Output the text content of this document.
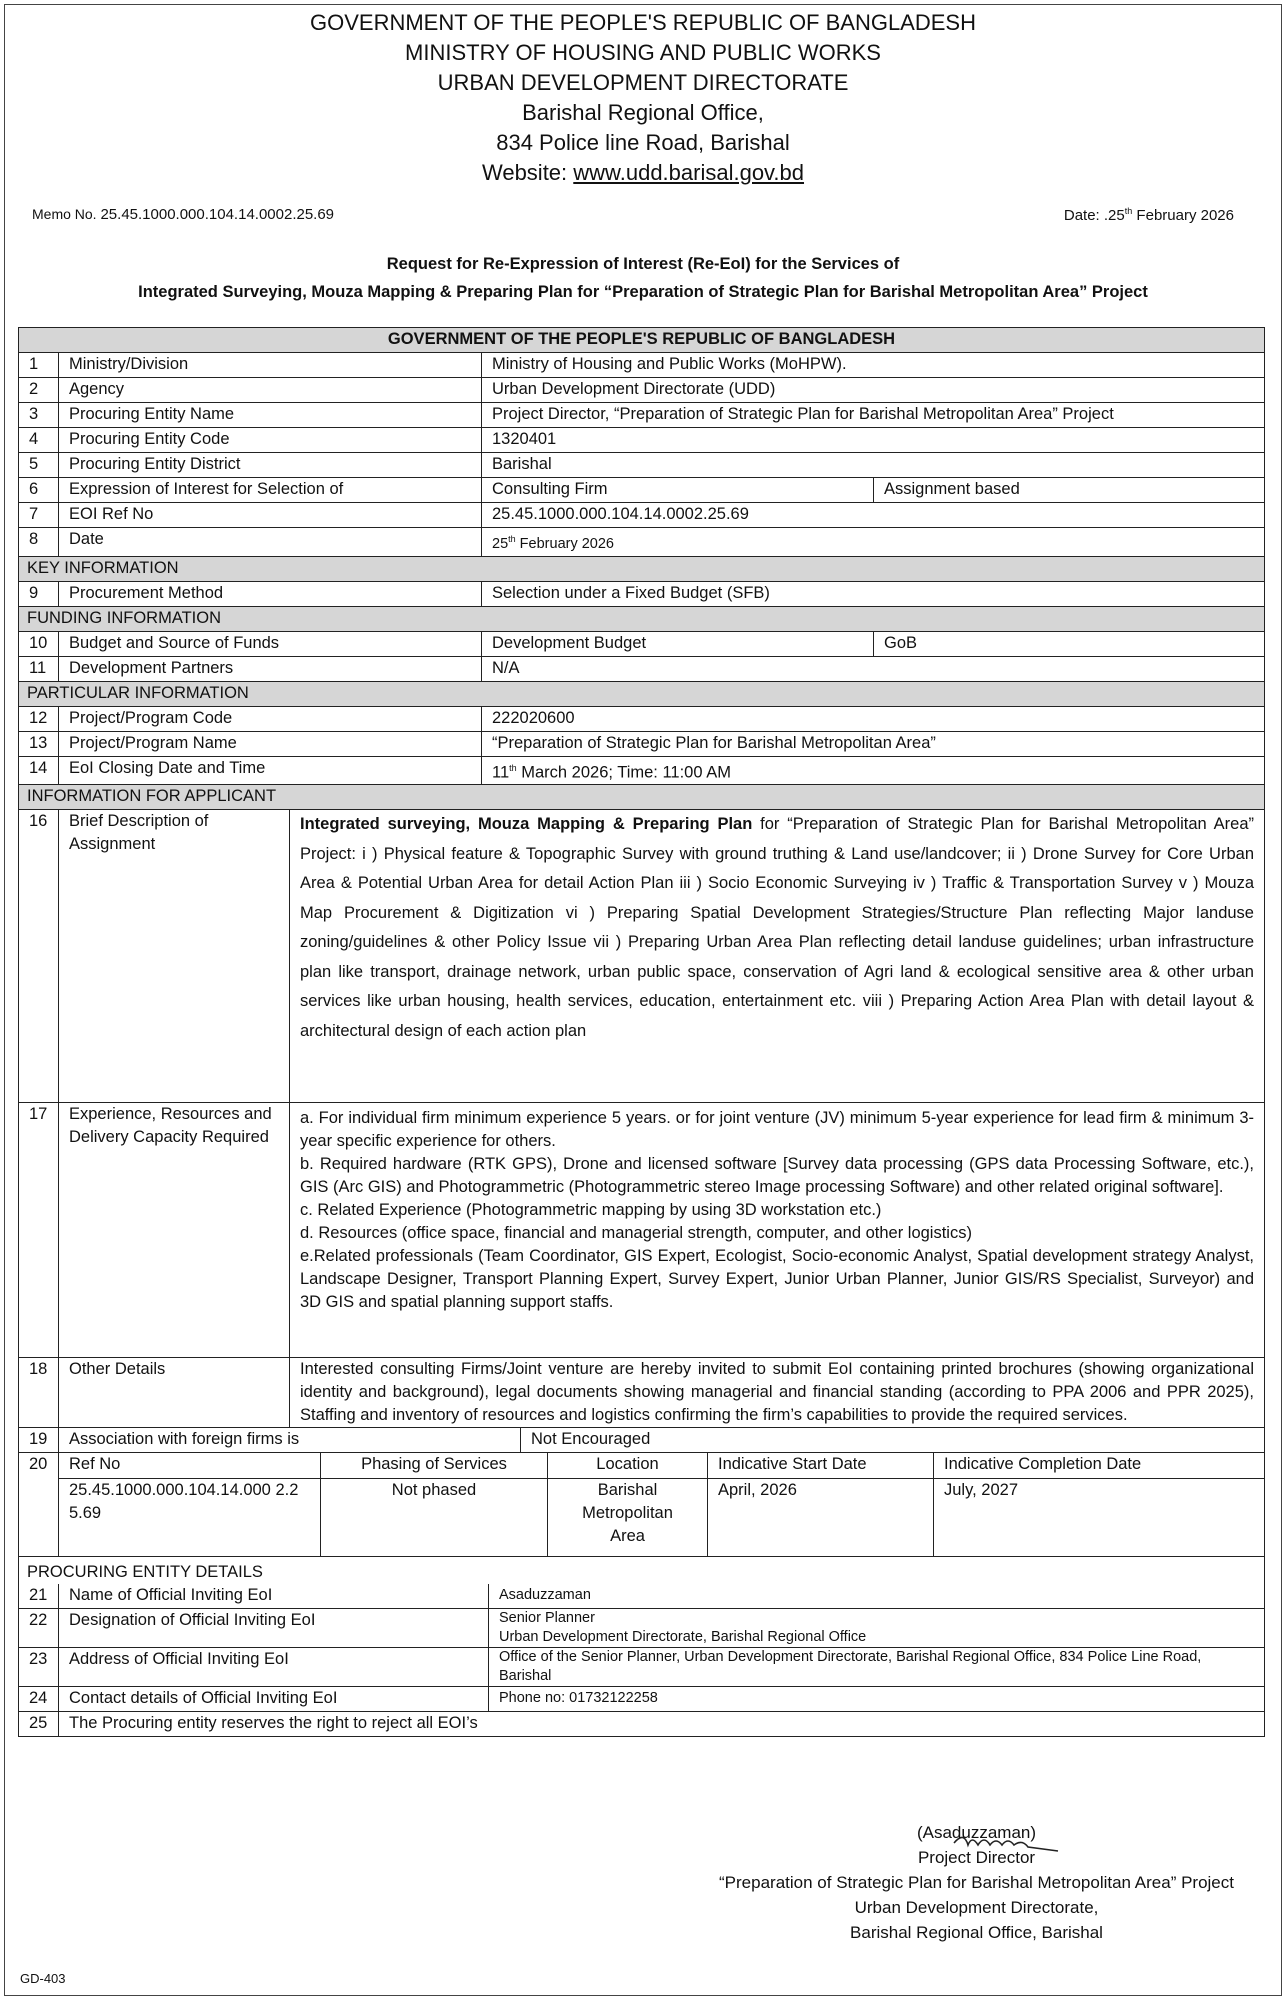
GOVERNMENT OF THE PEOPLE'S REPUBLIC OF BANGLADESH
MINISTRY OF HOUSING AND PUBLIC WORKS
URBAN DEVELOPMENT DIRECTORATE
Barishal Regional Office,
834 Police line Road, Barishal
Website: www.udd.barisal.gov.bd
Memo No. 25.45.1000.000.104.14.0002.25.69	Date: .25th February 2026
Request for Re-Expression of Interest (Re-EoI) for the Services of
Integrated Surveying, Mouza Mapping & Preparing Plan for “Preparation of Strategic Plan for Barishal Metropolitan Area” Project
GOVERNMENT OF THE PEOPLE'S REPUBLIC OF BANGLADESH			
1	Ministry/Division	Ministry of Housing and Public Works (MoHPW).	
2	Agency	Urban Development Directorate (UDD)	
3	Procuring Entity Name	Project Director, “Preparation of Strategic Plan for Barishal Metropolitan Area” Project	
4	Procuring Entity Code	1320401	
5	Procuring Entity District	Barishal	
6	Expression of Interest for Selection of	Consulting Firm	Assignment based
7	EOI Ref No	25.45.1000.000.104.14.0002.25.69	
8	Date	25th February 2026	
KEY INFORMATION			
9	Procurement Method	Selection under a Fixed Budget (SFB)	
FUNDING INFORMATION			
10	Budget and Source of Funds	Development Budget	GoB
11	Development Partners	N/A	
PARTICULAR INFORMATION			
12	Project/Program Code	222020600	
13	Project/Program Name	“Preparation of Strategic Plan for Barishal Metropolitan Area”	
14	EoI Closing Date and Time	11th March 2026; Time: 11:00 AM	
INFORMATION FOR APPLICANT			
16	Brief Description of Assignment	Integrated surveying, Mouza Mapping & Preparing Plan for “Preparation of Strategic Plan for Barishal Metropolitan Area” Project: i ) Physical feature & Topographic Survey with ground truthing & Land use/landcover; ii ) Drone Survey for Core Urban Area & Potential Urban Area for detail Action Plan iii ) Socio Economic Surveying iv ) Traffic & Transportation Survey v ) Mouza Map Procurement & Digitization vi ) Preparing Spatial Development Strategies/Structure Plan reflecting Major landuse zoning/guidelines & other Policy Issue vii ) Preparing Urban Area Plan reflecting detail landuse guidelines; urban infrastructure plan like transport, drainage network, urban public space, conservation of Agri land & ecological sensitive area & other urban services like urban housing, health services, education, entertainment etc. viii ) Preparing Action Area Plan with detail layout & architectural design of each action plan
17	Experience, Resources and Delivery Capacity Required	a. For individual firm minimum experience 5 years. or for joint venture (JV) minimum 5-year experience for lead firm & minimum 3-year specific experience for others.
b. Required hardware (RTK GPS), Drone and licensed software [Survey data processing (GPS data Processing Software, etc.), GIS (Arc GIS) and Photogrammetric (Photogrammetric stereo Image processing Software) and other related original software].
c. Related Experience (Photogrammetric mapping by using 3D workstation etc.)
d. Resources (office space, financial and managerial strength, computer, and other logistics)
e.Related professionals (Team Coordinator, GIS Expert, Ecologist, Socio-economic Analyst, Spatial development strategy Analyst, Landscape Designer, Transport Planning Expert, Survey Expert, Junior Urban Planner, Junior GIS/RS Specialist, Surveyor) and 3D GIS and spatial planning support staffs.

18	Other Details	Interested consulting Firms/Joint venture are hereby invited to submit EoI containing printed brochures (showing organizational identity and background), legal documents showing managerial and financial standing (according to PPA 2006 and PPR 2025), Staffing and inventory of resources and logistics confirming the firm’s capabilities to provide the required services.
19	Association with foreign firms is	Not Encouraged
20	Ref No	Phasing of Services	Location	Indicative Start Date	Indicative Completion Date
	25.45.1000.000.104.14.000 2.25.69	Not phased	Barishal Metropolitan Area	April, 2026	July, 2027
PROCURING ENTITY DETAILS		
21	Name of Official Inviting EoI	Asaduzzaman
22	Designation of Official Inviting EoI	Senior Planner
Urban Development Directorate, Barishal Regional Office

23	Address of Official Inviting EoI	Office of the Senior Planner, Urban Development Directorate, Barishal Regional Office, 834 Police Line Road, Barishal
24	Contact details of Official Inviting EoI	Phone no: 01732122258
25	The Procuring entity reserves the right to reject all EOI’s	
(Asaduzzaman)
Project Director
“Preparation of Strategic Plan for Barishal Metropolitan Area” Project
Urban Development Directorate,
Barishal Regional Office, Barishal
GD-403
